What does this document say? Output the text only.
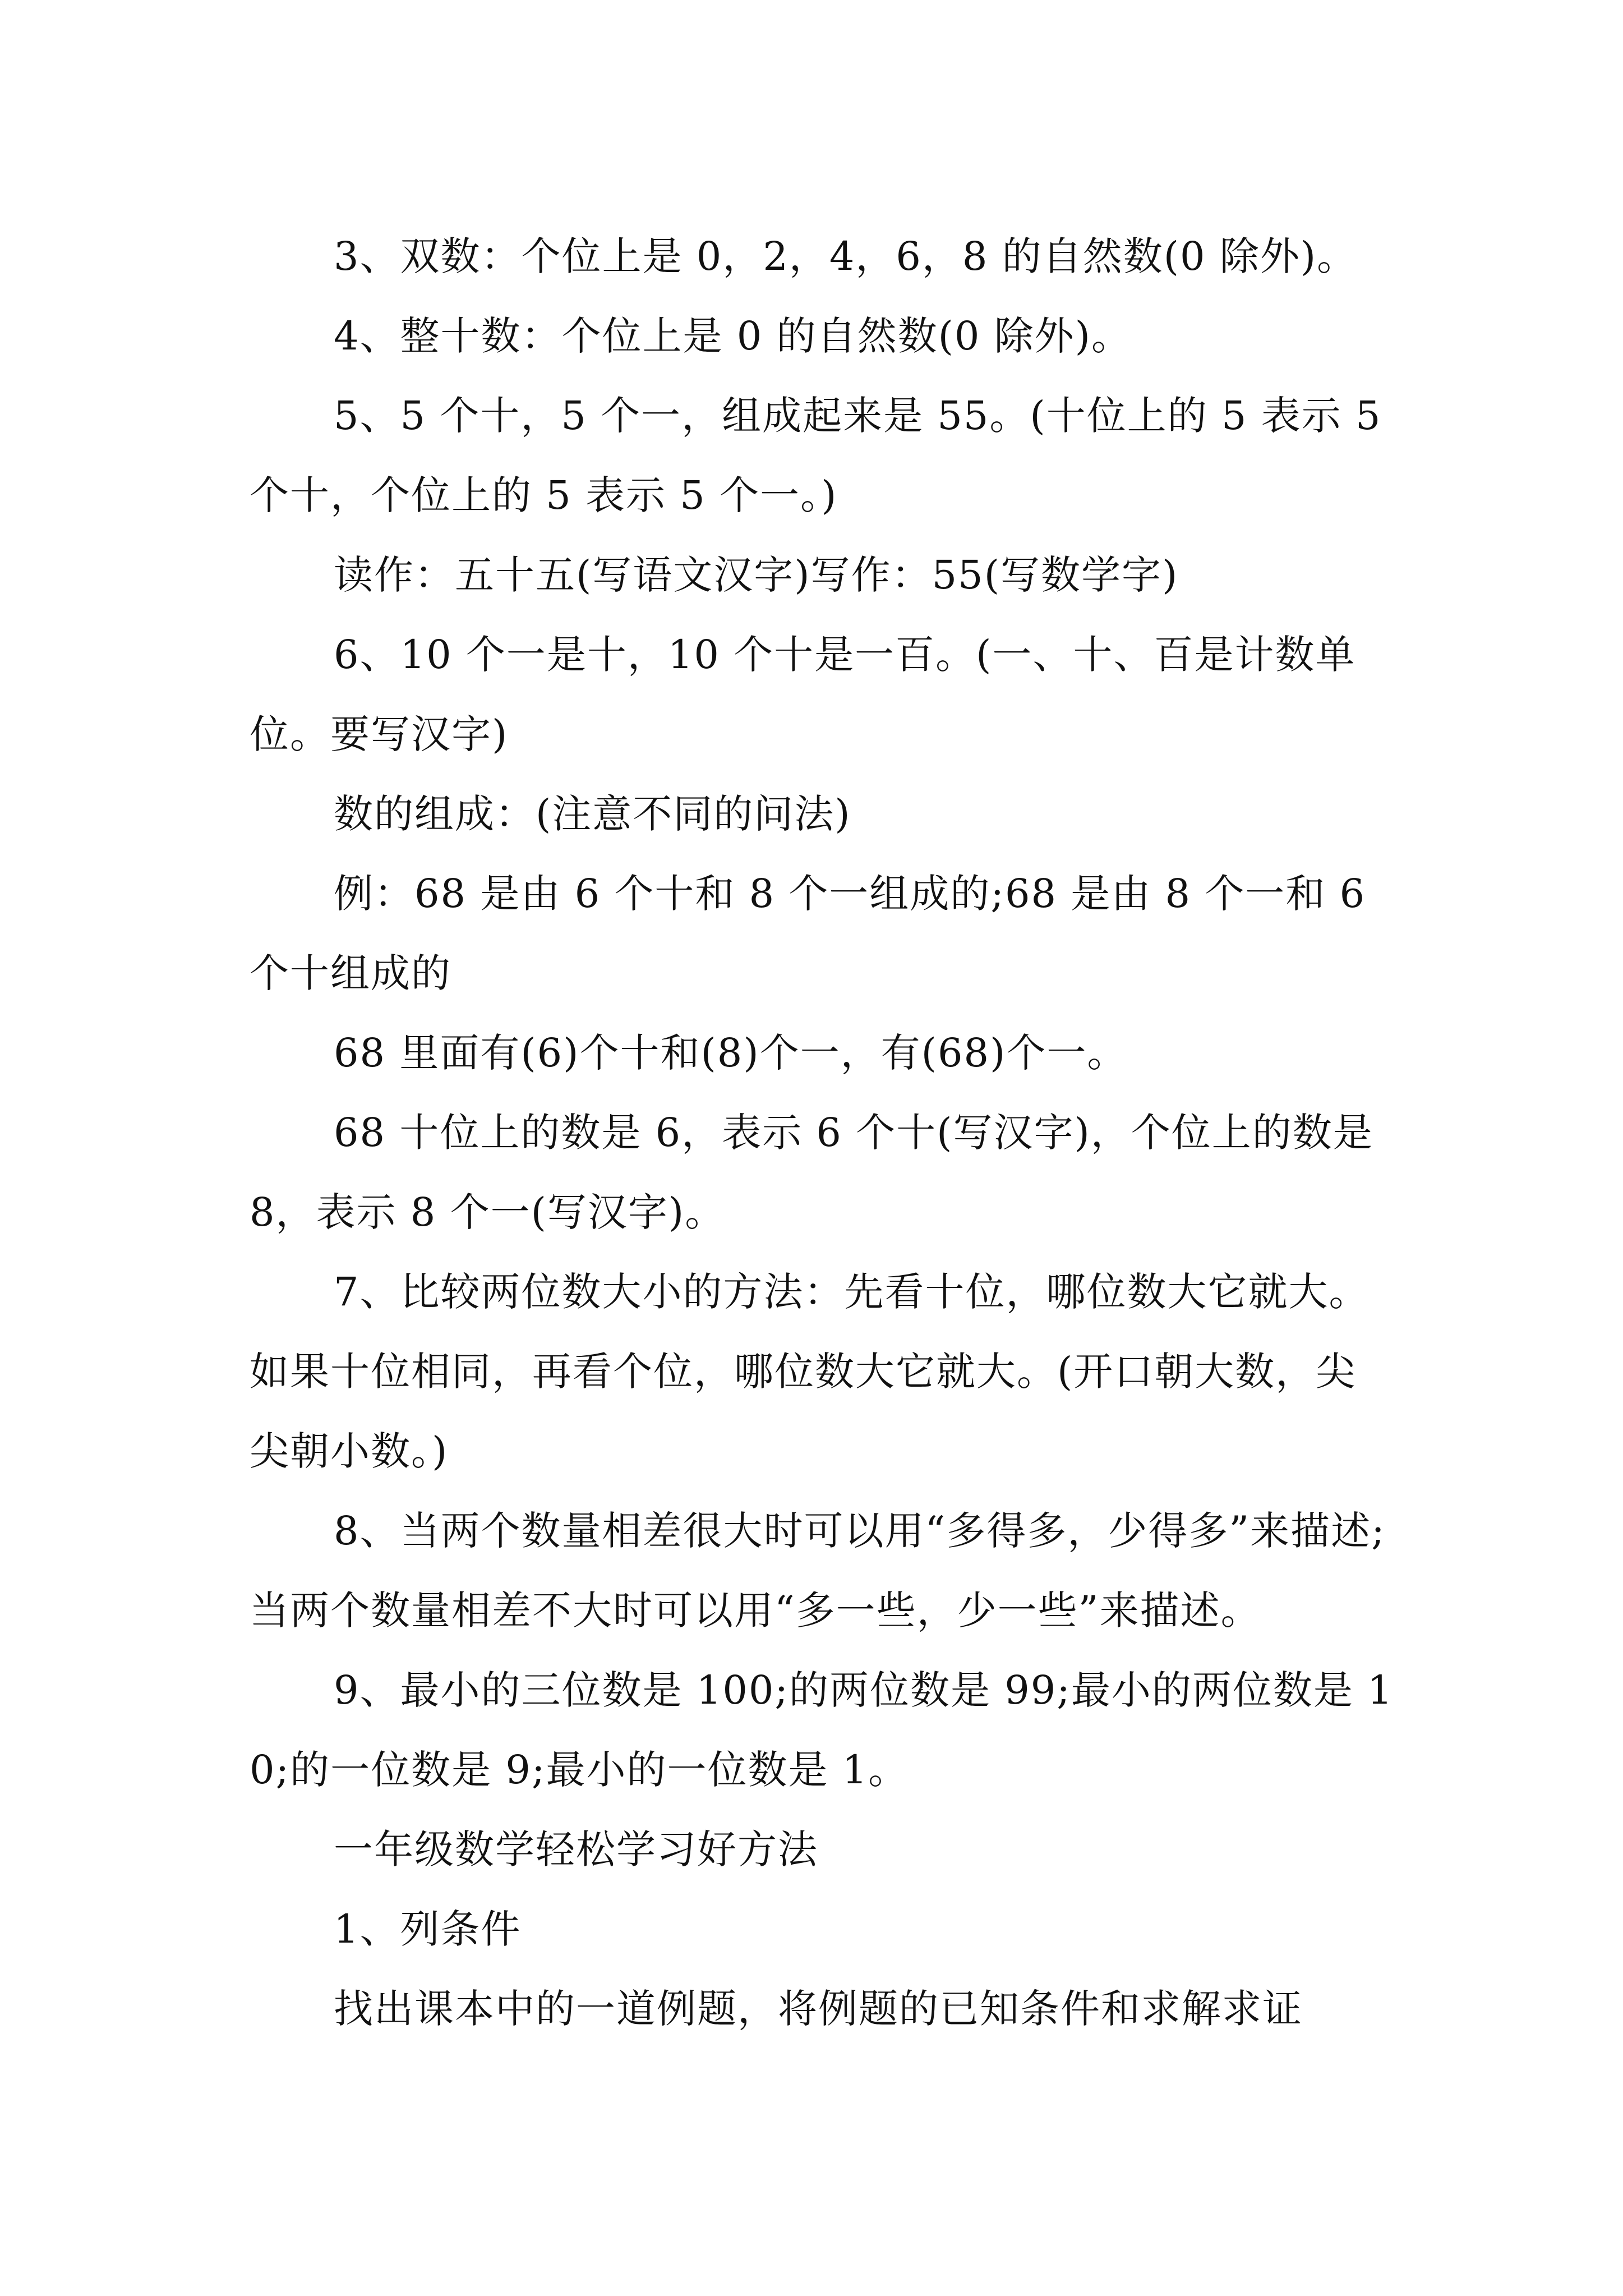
3、双数：个位上是 0，2，4，6，8 的自然数(0 除外)。

4、整十数：个位上是 0 的自然数(0 除外)。

5、5 个十，5 个一，组成起来是 55。(十位上的 5 表示 5 个十，个位上的 5 表示 5 个一。)

读作：五十五(写语文汉字)写作：55(写数学字)

6、10 个一是十，10 个十是一百。(一、十、百是计数单位。要写汉字)

数的组成：(注意不同的问法)

例：68 是由 6 个十和 8 个一组成的;68 是由 8 个一和 6 个十组成的

68 里面有(6)个十和(8)个一，有(68)个一。

68 十位上的数是 6，表示 6 个十(写汉字)，个位上的数是 8，表示 8 个一(写汉字)。

7、比较两位数大小的方法：先看十位，哪位数大它就大。如果十位相同，再看个位，哪位数大它就大。(开口朝大数，尖尖朝小数。)

8、当两个数量相差很大时可以用“多得多，少得多”来描述;当两个数量相差不大时可以用“多一些，少一些”来描述。

9、最小的三位数是 100;的两位数是 99;最小的两位数是 10;的一位数是 9;最小的一位数是 1。

一年级数学轻松学习好方法

1、列条件

找出课本中的一道例题，将例题的已知条件和求解求证
